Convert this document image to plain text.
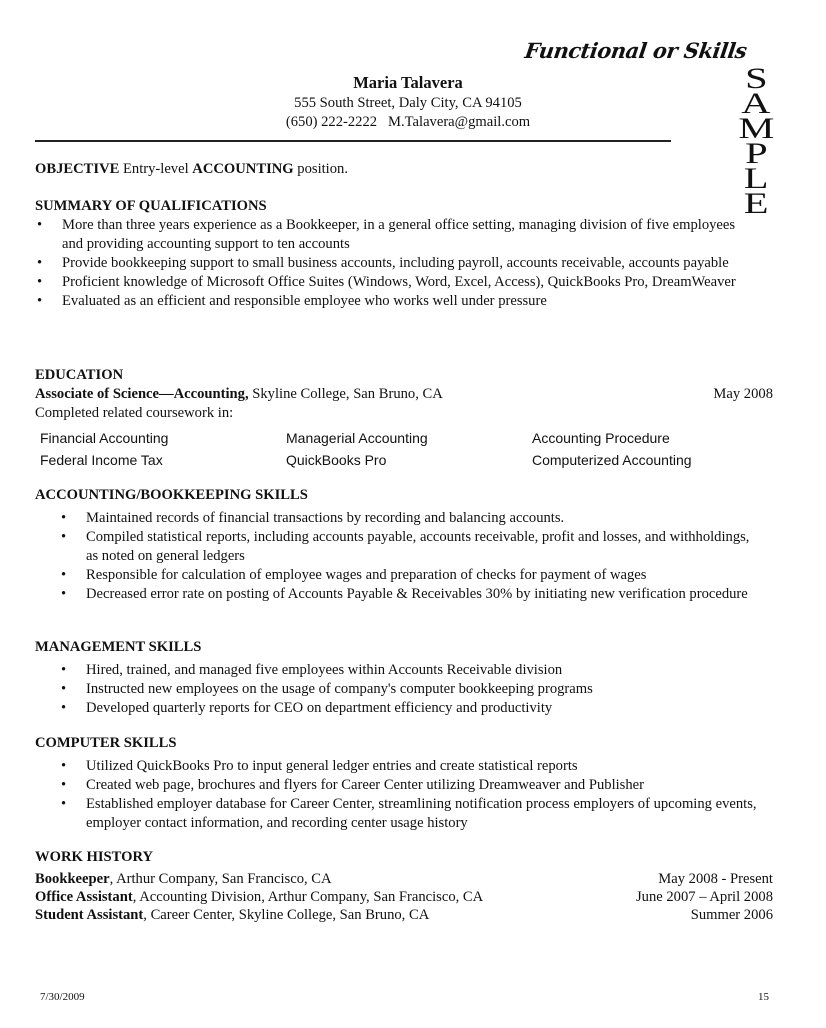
Functional or Skills
S
A
M
P
L
E
Maria Talavera
555 South Street, Daly City, CA 94105
(650) 222-2222   M.Talavera@gmail.com
OBJECTIVE Entry-level ACCOUNTING position.
SUMMARY OF QUALIFICATIONS
• More than three years experience as a Bookkeeper, in a general office setting, managing division of five employees and providing accounting support to ten accounts
• Provide bookkeeping support to small business accounts, including payroll, accounts receivable, accounts payable
• Proficient knowledge of Microsoft Office Suites (Windows, Word, Excel, Access), QuickBooks Pro, DreamWeaver
• Evaluated as an efficient and responsible employee who works well under pressure
EDUCATION
Associate of Science—Accounting, Skyline College, San Bruno, CA	May 2008
Completed related coursework in:
Financial Accounting	Managerial Accounting	Accounting Procedure
Federal Income Tax	QuickBooks Pro	Computerized Accounting
ACCOUNTING/BOOKKEEPING SKILLS
• Maintained records of financial transactions by recording and balancing accounts.
• Compiled statistical reports, including accounts payable, accounts receivable, profit and losses, and withholdings, as noted on general ledgers
• Responsible for calculation of employee wages and preparation of checks for payment of wages
• Decreased error rate on posting of Accounts Payable & Receivables 30% by initiating new verification procedure
MANAGEMENT SKILLS
• Hired, trained, and managed five employees within Accounts Receivable division
• Instructed new employees on the usage of company's computer bookkeeping programs
• Developed quarterly reports for CEO on department efficiency and productivity
COMPUTER SKILLS
• Utilized QuickBooks Pro to input general ledger entries and create statistical reports
• Created web page, brochures and flyers for Career Center utilizing Dreamweaver and Publisher
• Established employer database for Career Center, streamlining notification process employers of upcoming events, employer contact information, and recording center usage history
WORK HISTORY
Bookkeeper, Arthur Company, San Francisco, CA	May 2008 - Present
Office Assistant, Accounting Division, Arthur Company, San Francisco, CA	June 2007 – April 2008
Student Assistant, Career Center, Skyline College, San Bruno, CA	Summer 2006
7/30/2009	15
